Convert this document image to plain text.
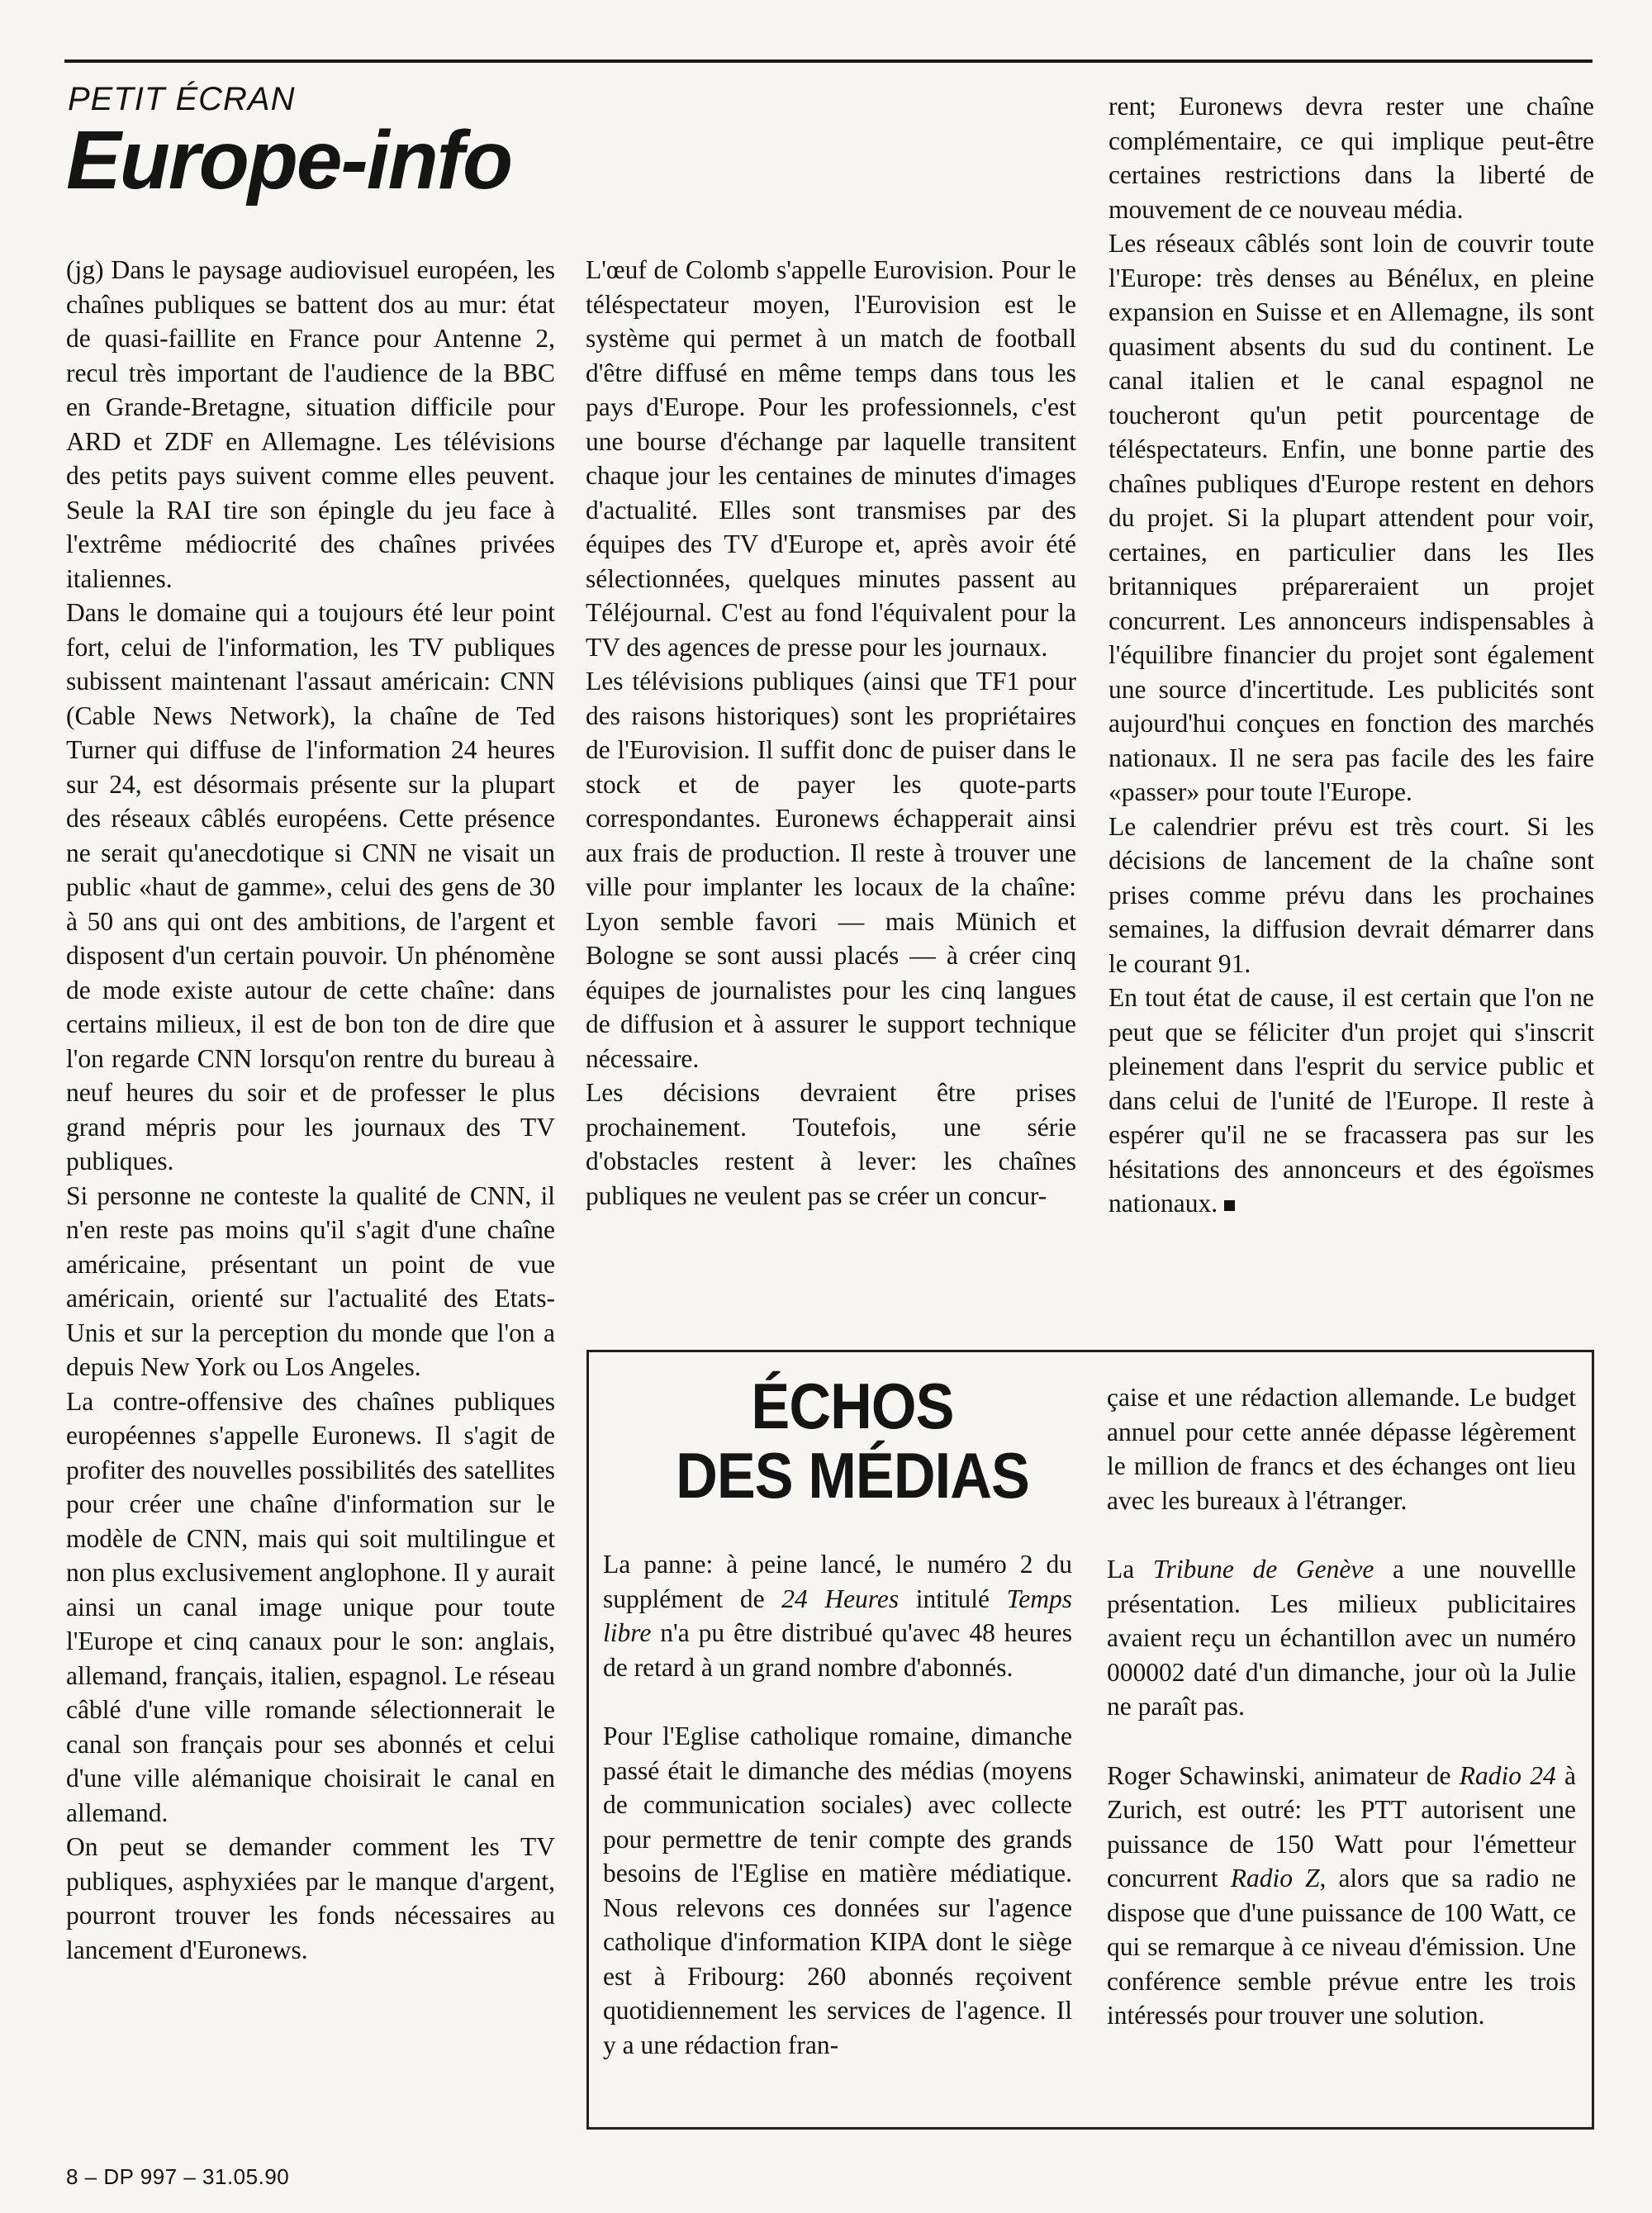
PETIT ÉCRAN
Europe-info

(jg) Dans le paysage audiovisuel européen, les chaînes publiques se battent dos au mur: état de quasi-faillite en France pour Antenne 2, recul très important de l'audience de la BBC en Grande-Bretagne, situation difficile pour ARD et ZDF en Allemagne. Les télévisions des petits pays suivent comme elles peuvent. Seule la RAI tire son épingle du jeu face à l'extrême médiocrité des chaînes privées italiennes.

Dans le domaine qui a toujours été leur point fort, celui de l'information, les TV publiques subissent maintenant l'assaut américain: CNN (Cable News Network), la chaîne de Ted Turner qui diffuse de l'information 24 heures sur 24, est désormais présente sur la plupart des réseaux câblés européens. Cette présence ne serait qu'anecdotique si CNN ne visait un public «haut de gamme», celui des gens de 30 à 50 ans qui ont des ambitions, de l'argent et disposent d'un certain pouvoir. Un phénomène de mode existe autour de cette chaîne: dans certains milieux, il est de bon ton de dire que l'on regarde CNN lorsqu'on rentre du bureau à neuf heures du soir et de professer le plus grand mépris pour les journaux des TV publiques.

Si personne ne conteste la qualité de CNN, il n'en reste pas moins qu'il s'agit d'une chaîne américaine, présentant un point de vue américain, orienté sur l'actualité des Etats-Unis et sur la perception du monde que l'on a depuis New York ou Los Angeles.

La contre-offensive des chaînes publiques européennes s'appelle Euronews. Il s'agit de profiter des nouvelles possibilités des satellites pour créer une chaîne d'information sur le modèle de CNN, mais qui soit multilingue et non plus exclusivement anglophone. Il y aurait ainsi un canal image unique pour toute l'Europe et cinq canaux pour le son: anglais, allemand, français, italien, espagnol. Le réseau câblé d'une ville romande sélectionnerait le canal son français pour ses abonnés et celui d'une ville alémanique choisirait le canal en allemand.

On peut se demander comment les TV publiques, asphyxiées par le manque d'argent, pourront trouver les fonds nécessaires au lancement d'Euronews.

L'œuf de Colomb s'appelle Eurovision. Pour le téléspectateur moyen, l'Eurovision est le système qui permet à un match de football d'être diffusé en même temps dans tous les pays d'Europe. Pour les professionnels, c'est une bourse d'échange par laquelle transitent chaque jour les centaines de minutes d'images d'actualité. Elles sont transmises par des équipes des TV d'Europe et, après avoir été sélectionnées, quelques minutes passent au Téléjournal. C'est au fond l'équivalent pour la TV des agences de presse pour les journaux.

Les télévisions publiques (ainsi que TF1 pour des raisons historiques) sont les propriétaires de l'Eurovision. Il suffit donc de puiser dans le stock et de payer les quote-parts correspondantes. Euronews échapperait ainsi aux frais de production. Il reste à trouver une ville pour implanter les locaux de la chaîne: Lyon semble favori — mais Münich et Bologne se sont aussi placés — à créer cinq équipes de journalistes pour les cinq langues de diffusion et à assurer le support technique nécessaire.

Les décisions devraient être prises prochainement. Toutefois, une série d'obstacles restent à lever: les chaînes publiques ne veulent pas se créer un concur-

rent; Euronews devra rester une chaîne complémentaire, ce qui implique peut-être certaines restrictions dans la liberté de mouvement de ce nouveau média.

Les réseaux câblés sont loin de couvrir toute l'Europe: très denses au Bénélux, en pleine expansion en Suisse et en Allemagne, ils sont quasiment absents du sud du continent. Le canal italien et le canal espagnol ne toucheront qu'un petit pourcentage de téléspectateurs. Enfin, une bonne partie des chaînes publiques d'Europe restent en dehors du projet. Si la plupart attendent pour voir, certaines, en particulier dans les Iles britanniques prépareraient un projet concurrent. Les annonceurs indispensables à l'équilibre financier du projet sont également une source d'incertitude. Les publicités sont aujourd'hui conçues en fonction des marchés nationaux. Il ne sera pas facile des les faire «passer» pour toute l'Europe.

Le calendrier prévu est très court. Si les décisions de lancement de la chaîne sont prises comme prévu dans les prochaines semaines, la diffusion devrait démarrer dans le courant 91.

En tout état de cause, il est certain que l'on ne peut que se féliciter d'un projet qui s'inscrit pleinement dans l'esprit du service public et dans celui de l'unité de l'Europe. Il reste à espérer qu'il ne se fracassera pas sur les hésitations des annonceurs et des égoïsmes nationaux.

ÉCHOS
DES MÉDIAS

La panne: à peine lancé, le numéro 2 du supplément de 24 Heures intitulé Temps libre n'a pu être distribué qu'avec 48 heures de retard à un grand nombre d'abonnés.

Pour l'Eglise catholique romaine, dimanche passé était le dimanche des médias (moyens de communication sociales) avec collecte pour permettre de tenir compte des grands besoins de l'Eglise en matière médiatique. Nous relevons ces données sur l'agence catholique d'information KIPA dont le siège est à Fribourg: 260 abonnés reçoivent quotidiennement les services de l'agence. Il y a une rédaction fran-

çaise et une rédaction allemande. Le budget annuel pour cette année dépasse légèrement le million de francs et des échanges ont lieu avec les bureaux à l'étranger.

La Tribune de Genève a une nouvellle présentation. Les milieux publicitaires avaient reçu un échantillon avec un numéro 000002 daté d'un dimanche, jour où la Julie ne paraît pas.

Roger Schawinski, animateur de Radio 24 à Zurich, est outré: les PTT autorisent une puissance de 150 Watt pour l'émetteur concurrent Radio Z, alors que sa radio ne dispose que d'une puissance de 100 Watt, ce qui se remarque à ce niveau d'émission. Une conférence semble prévue entre les trois intéressés pour trouver une solution.

8 – DP 997 – 31.05.90
